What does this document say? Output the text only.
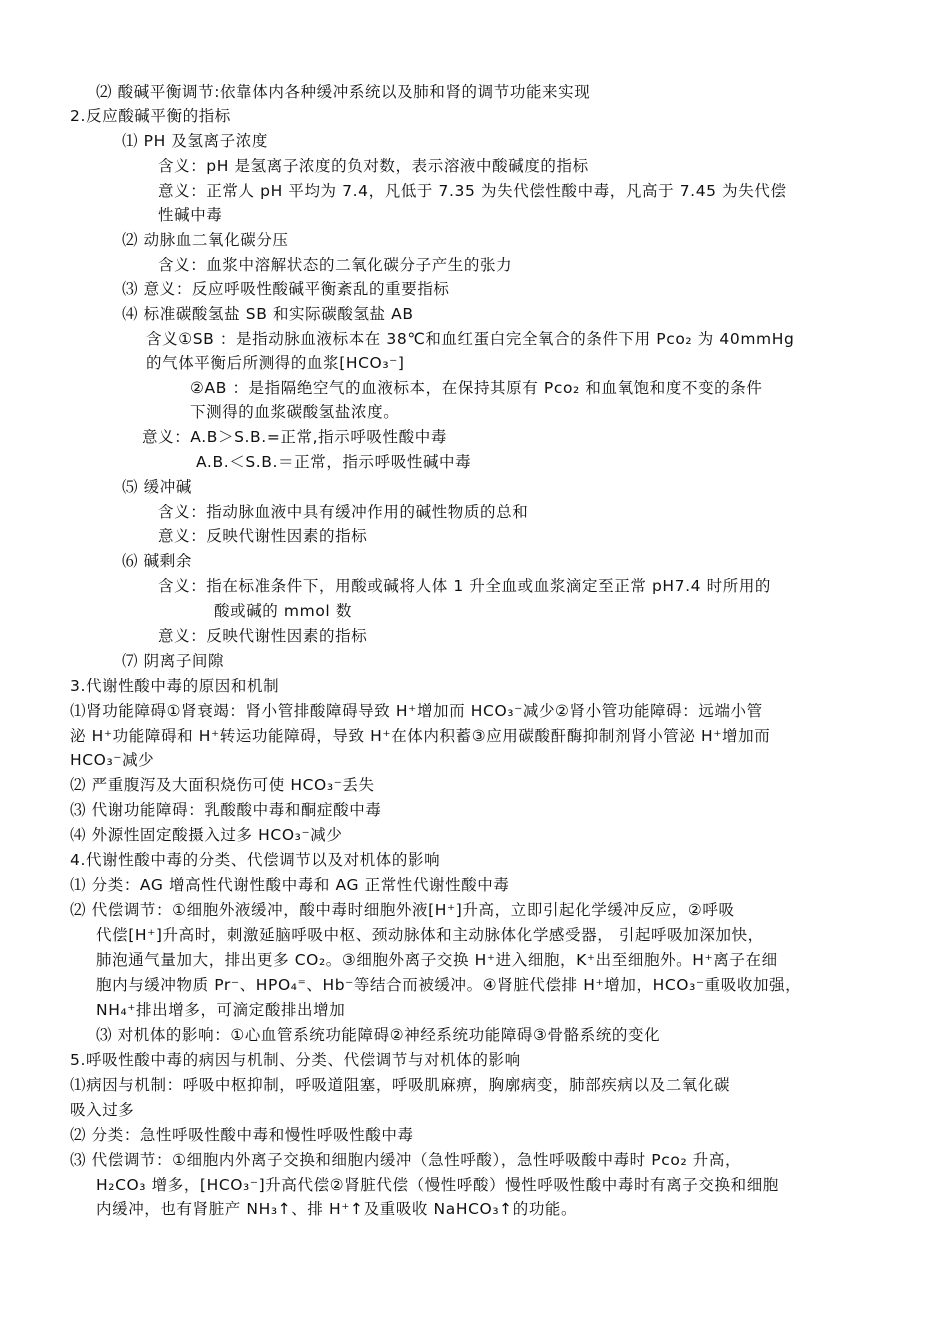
⑵ 酸碱平衡调节:依靠体内各种缓冲系统以及肺和肾的调节功能来实现
2.反应酸碱平衡的指标
⑴ PH 及氢离子浓度
含义：pH 是氢离子浓度的负对数，表示溶液中酸碱度的指标
意义：正常人 pH 平均为 7.4，凡低于 7.35 为失代偿性酸中毒，凡高于 7.45 为失代偿
性碱中毒
⑵ 动脉血二氧化碳分压
含义：血浆中溶解状态的二氧化碳分子产生的张力
⑶ 意义：反应呼吸性酸碱平衡紊乱的重要指标
⑷ 标准碳酸氢盐 SB 和实际碳酸氢盐 AB
含义①SB ：是指动脉血液标本在 38℃和血红蛋白完全氧合的条件下用 Pco₂ 为 40mmHg
的气体平衡后所测得的血浆[HCO₃⁻]
②AB ：是指隔绝空气的血液标本，在保持其原有 Pco₂ 和血氧饱和度不变的条件
下测得的血浆碳酸氢盐浓度。
意义：A.B＞S.B.=正常,指示呼吸性酸中毒
A.B.＜S.B.＝正常，指示呼吸性碱中毒
⑸ 缓冲碱
含义：指动脉血液中具有缓冲作用的碱性物质的总和
意义：反映代谢性因素的指标
⑹ 碱剩余
含义：指在标准条件下，用酸或碱将人体 1 升全血或血浆滴定至正常 pH7.4 时所用的
酸或碱的 mmol 数
意义：反映代谢性因素的指标
⑺ 阴离子间隙
3.代谢性酸中毒的原因和机制
⑴肾功能障碍①肾衰竭：肾小管排酸障碍导致 H⁺增加而 HCO₃⁻减少②肾小管功能障碍：远端小管
泌 H⁺功能障碍和 H⁺转运功能障碍，导致 H⁺在体内积蓄③应用碳酸酐酶抑制剂肾小管泌 H⁺增加而
HCO₃⁻减少
⑵ 严重腹泻及大面积烧伤可使 HCO₃⁻丢失
⑶ 代谢功能障碍：乳酸酸中毒和酮症酸中毒
⑷ 外源性固定酸摄入过多 HCO₃⁻减少
4.代谢性酸中毒的分类、代偿调节以及对机体的影响
⑴ 分类：AG 增高性代谢性酸中毒和 AG 正常性代谢性酸中毒
⑵ 代偿调节：①细胞外液缓冲，酸中毒时细胞外液[H⁺]升高，立即引起化学缓冲反应，②呼吸
代偿[H⁺]升高时，刺激延脑呼吸中枢、颈动脉体和主动脉体化学感受器， 引起呼吸加深加快，
肺泡通气量加大，排出更多 CO₂。③细胞外离子交换 H⁺进入细胞，K⁺出至细胞外。H⁺离子在细
胞内与缓冲物质 Pr⁻、HPO₄⁼、Hb⁻等结合而被缓冲。④肾脏代偿排 H⁺增加，HCO₃⁻重吸收加强，
NH₄⁺排出增多，可滴定酸排出增加
⑶ 对机体的影响：①心血管系统功能障碍②神经系统功能障碍③骨骼系统的变化
5.呼吸性酸中毒的病因与机制、分类、代偿调节与对机体的影响
⑴病因与机制：呼吸中枢抑制，呼吸道阻塞，呼吸肌麻痹，胸廓病变，肺部疾病以及二氧化碳
吸入过多
⑵ 分类：急性呼吸性酸中毒和慢性呼吸性酸中毒
⑶ 代偿调节：①细胞内外离子交换和细胞内缓冲（急性呼酸），急性呼吸酸中毒时 Pco₂ 升高，
H₂CO₃ 增多，[HCO₃⁻]升高代偿②肾脏代偿（慢性呼酸）慢性呼吸性酸中毒时有离子交换和细胞
内缓冲，也有肾脏产 NH₃↑、排 H⁺↑及重吸收 NaHCO₃↑的功能。
